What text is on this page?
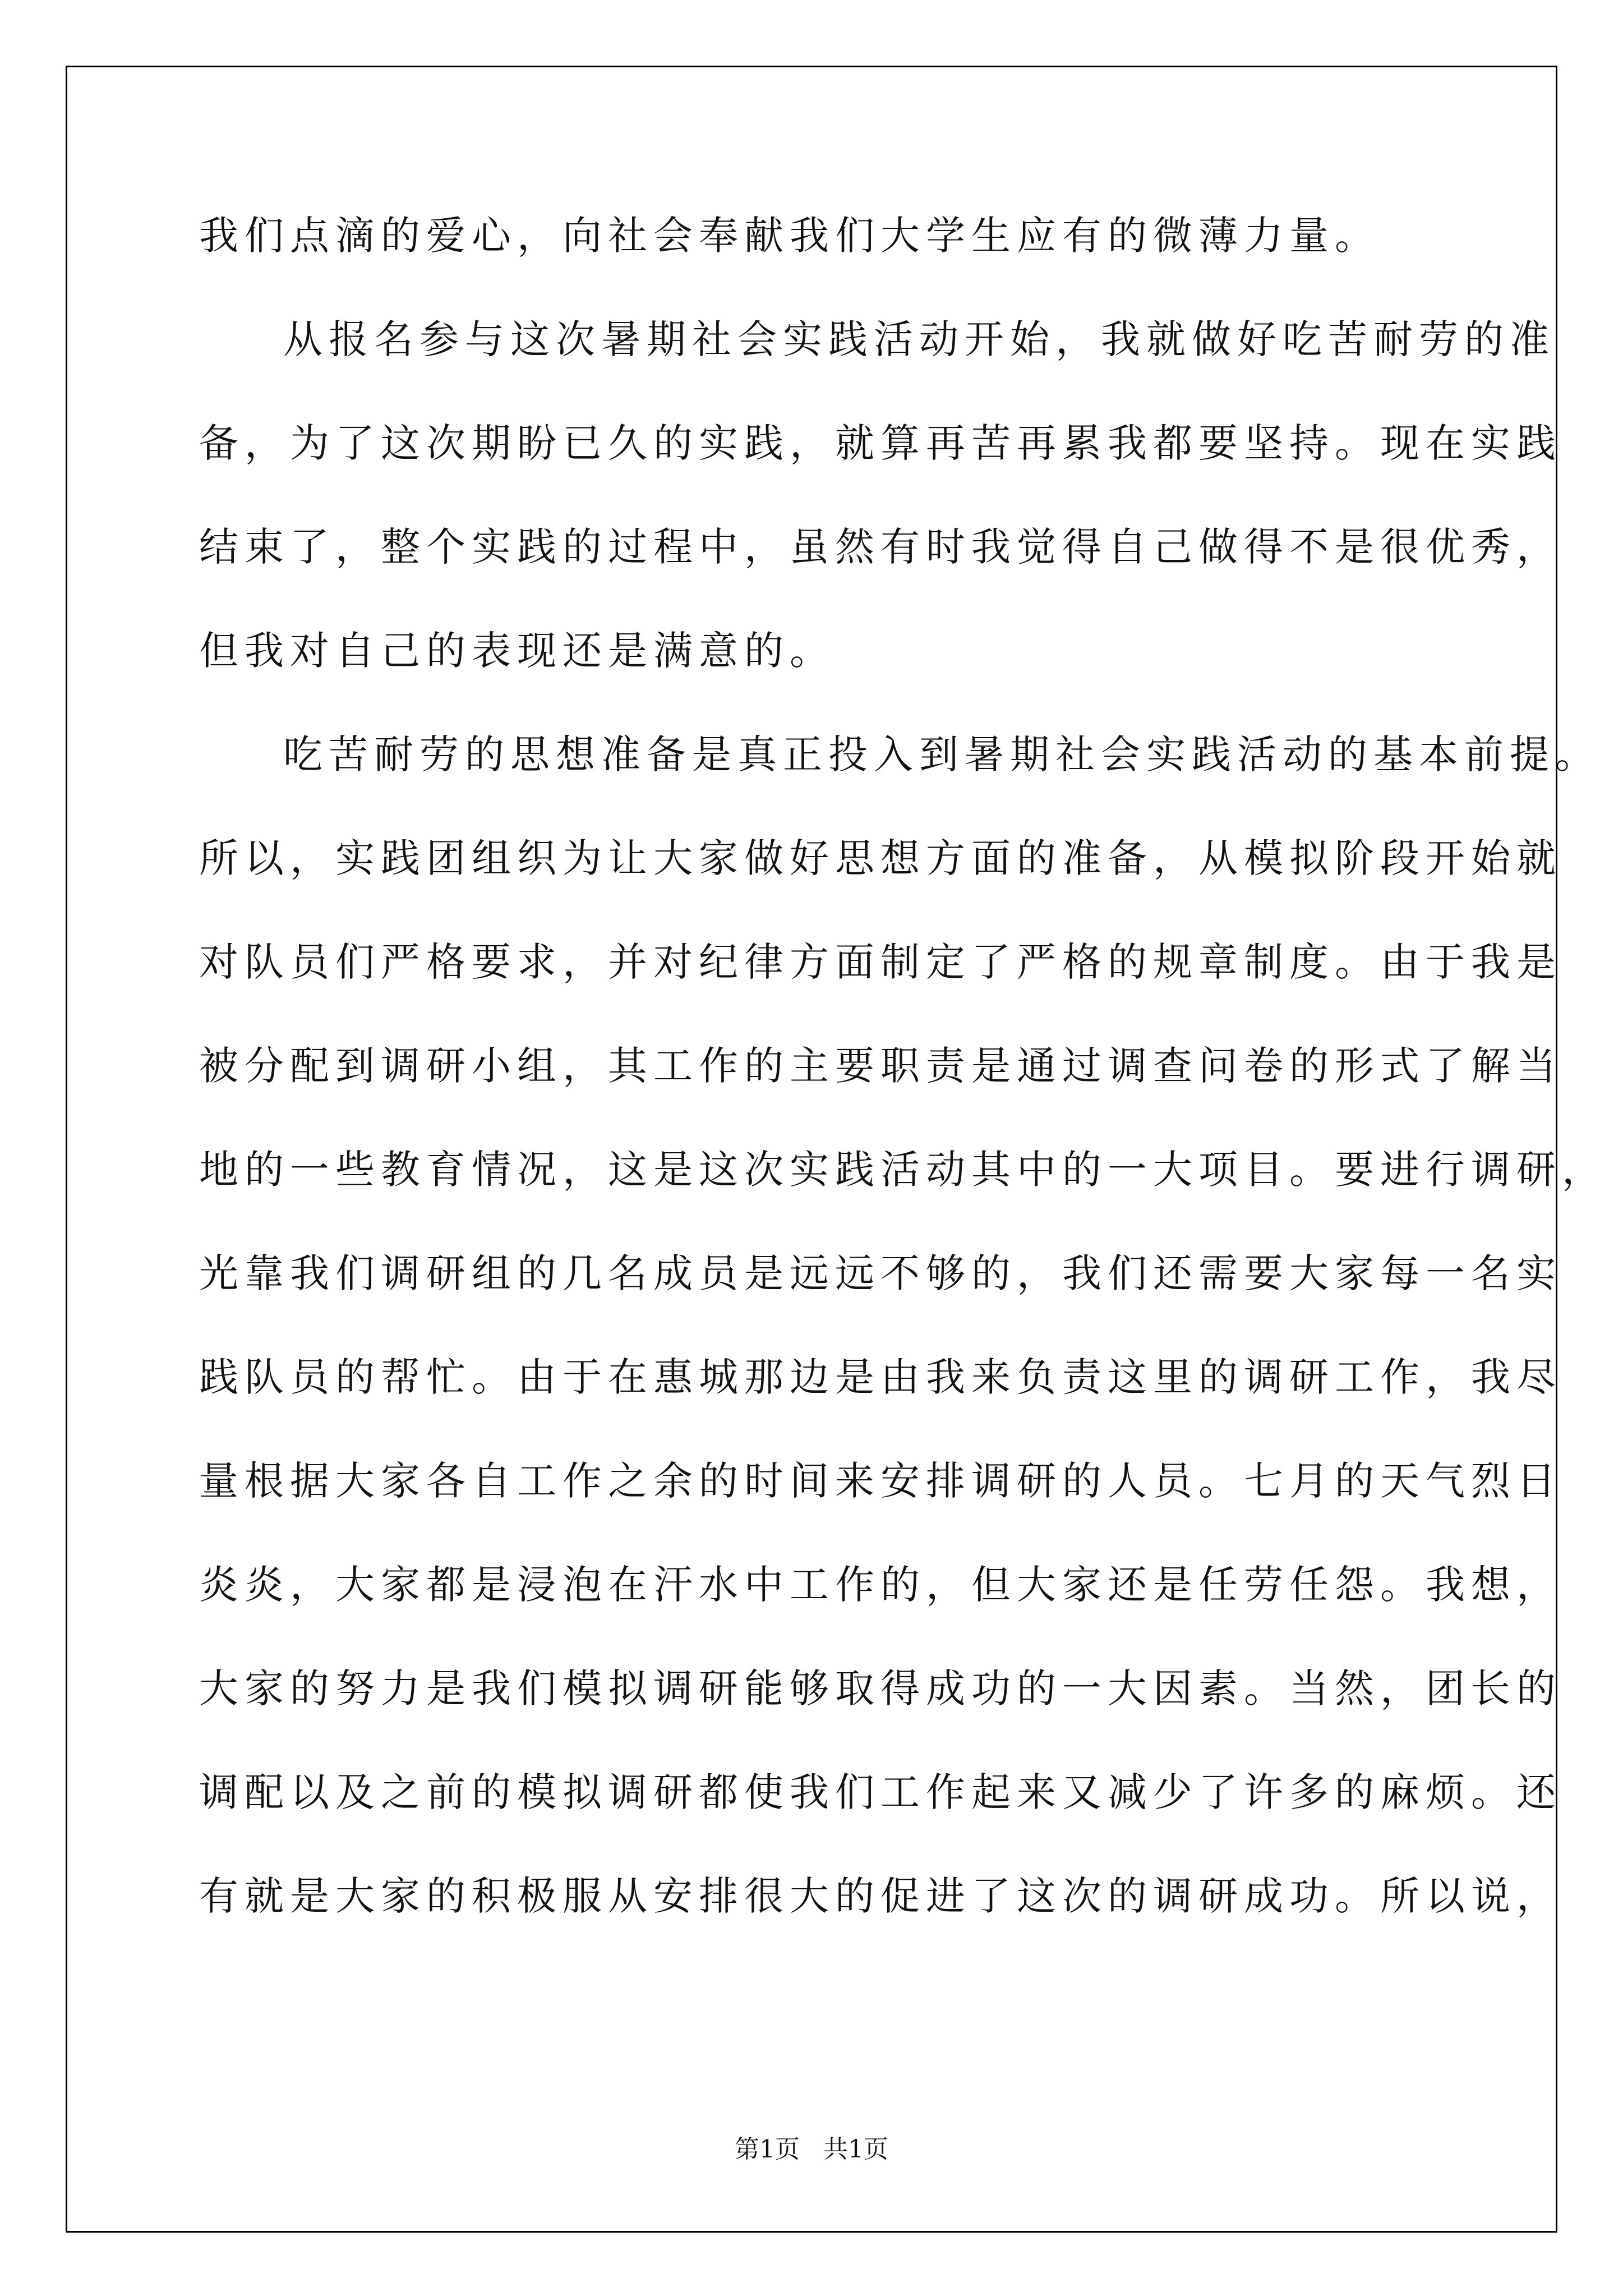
我们点滴的爱心，向社会奉献我们大学生应有的微薄力量。
从报名参与这次暑期社会实践活动开始，我就做好吃苦耐劳的准
备，为了这次期盼已久的实践，就算再苦再累我都要坚持。现在实践
结束了，整个实践的过程中，虽然有时我觉得自己做得不是很优秀，
但我对自己的表现还是满意的。
吃苦耐劳的思想准备是真正投入到暑期社会实践活动的基本前提。
所以，实践团组织为让大家做好思想方面的准备，从模拟阶段开始就
对队员们严格要求，并对纪律方面制定了严格的规章制度。由于我是
被分配到调研小组，其工作的主要职责是通过调查问卷的形式了解当
地的一些教育情况，这是这次实践活动其中的一大项目。要进行调研，
光靠我们调研组的几名成员是远远不够的，我们还需要大家每一名实
践队员的帮忙。由于在惠城那边是由我来负责这里的调研工作，我尽
量根据大家各自工作之余的时间来安排调研的人员。七月的天气烈日
炎炎，大家都是浸泡在汗水中工作的，但大家还是任劳任怨。我想，
大家的努力是我们模拟调研能够取得成功的一大因素。当然，团长的
调配以及之前的模拟调研都使我们工作起来又减少了许多的麻烦。还
有就是大家的积极服从安排很大的促进了这次的调研成功。所以说，
第1页   共1页
